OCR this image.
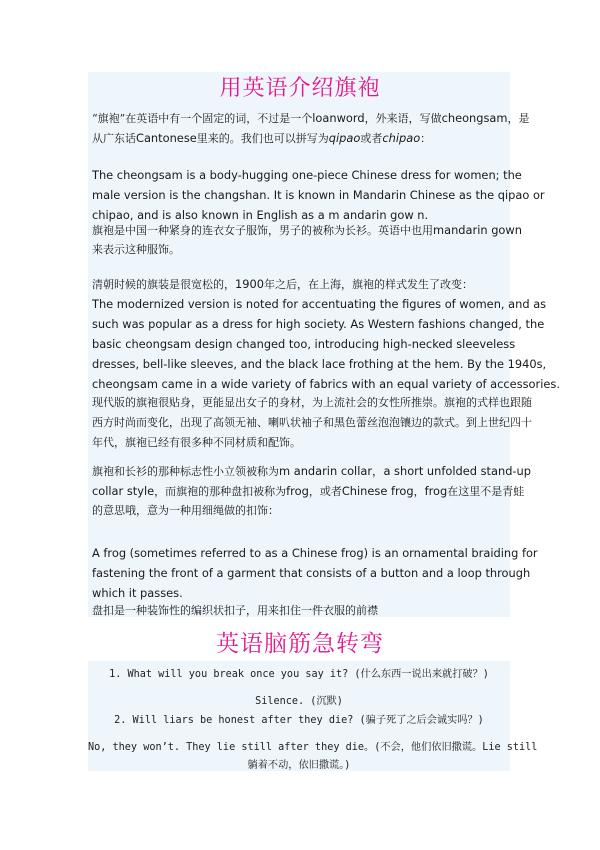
用英语介绍旗袍
“旗袍”在英语中有一个固定的词，不过是一个loanword，外来语，写做cheongsam，是
从广东话Cantonese里来的。我们也可以拼写为qipao或者chipao：
The cheongsam is a body-hugging one-piece Chinese dress for women; the
male version is the changshan. It is known in Mandarin Chinese as the qipao or
chipao, and is also known in English as a m andarin gow n.
旗袍是中国一种紧身的连衣女子服饰，男子的被称为长衫。英语中也用mandarin gown
来表示这种服饰。
清朝时候的旗装是很宽松的，1900年之后，在上海，旗袍的样式发生了改变：
The modernized version is noted for accentuating the figures of women, and as
such was popular as a dress for high society. As Western fashions changed, the
basic cheongsam design changed too, introducing high-necked sleeveless
dresses, bell-like sleeves, and the black lace frothing at the hem. By the 1940s,
cheongsam came in a wide variety of fabrics with an equal variety of accessories.
现代版的旗袍很贴身，更能显出女子的身材，为上流社会的女性所推崇。旗袍的式样也跟随
西方时尚而变化，出现了高领无袖、喇叭状袖子和黑色蕾丝泡泡镶边的款式。到上世纪四十
年代，旗袍已经有很多种不同材质和配饰。
旗袍和长衫的那种标志性小立领被称为m andarin collar，a short unfolded stand-up
collar style，而旗袍的那种盘扣被称为frog，或者Chinese frog，frog在这里不是青蛙
的意思哦，意为一种用细绳做的扣饰：
A frog (sometimes referred to as a Chinese frog) is an ornamental braiding for
fastening the front of a garment that consists of a button and a loop through
which it passes.
盘扣是一种装饰性的编织状扣子，用来扣住一件衣服的前襟
英语脑筋急转弯
1. What will you break once you say it? (什么东西一说出来就打破？)
Silence. (沉默)
2. Will liars be honest after they die? (骗子死了之后会诚实吗？)
No, they won’t. They lie still after they die。(不会，他们依旧撒谎。Lie still
躺着不动，依旧撒谎。)
